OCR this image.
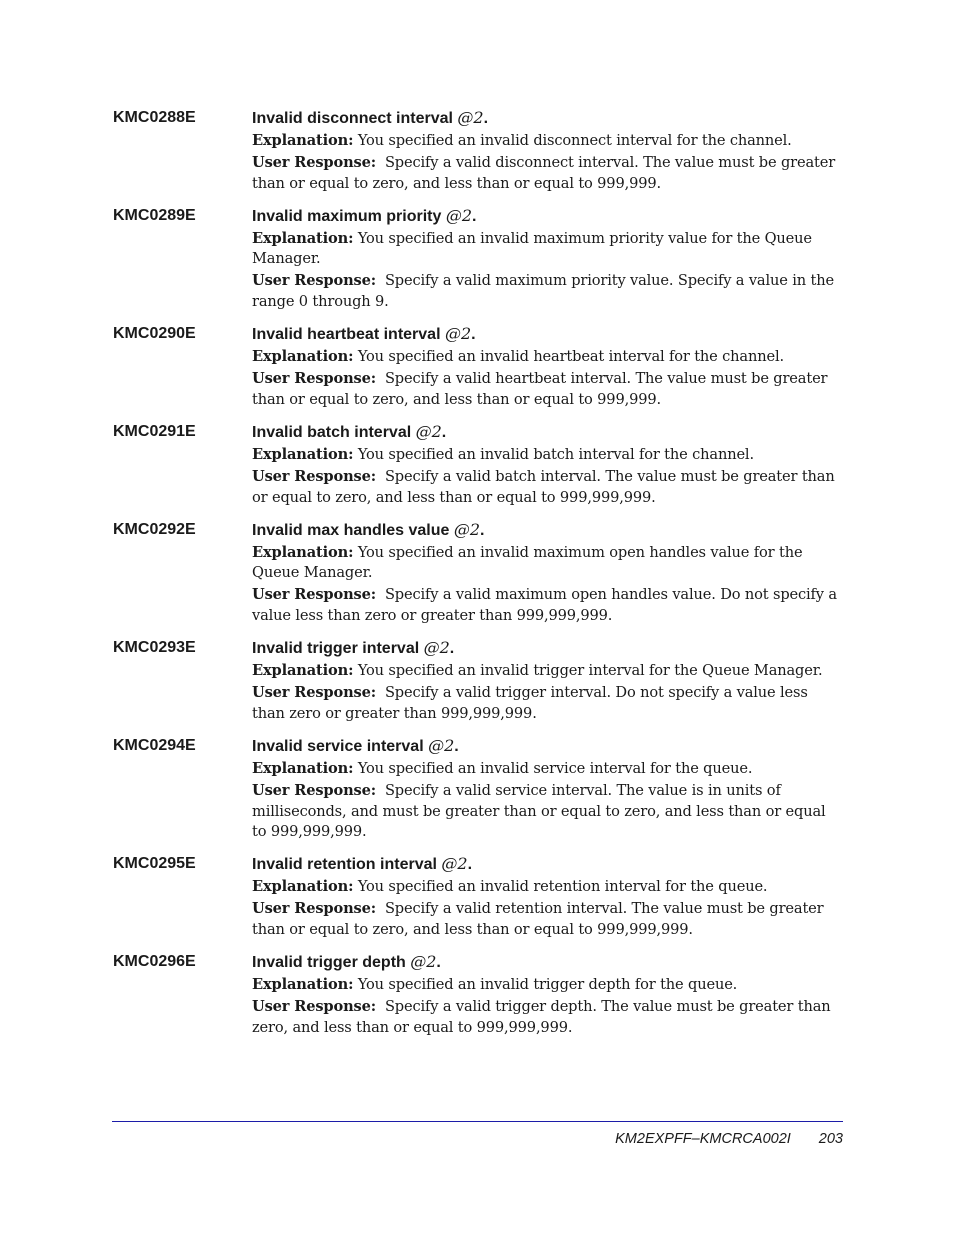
KMC0288E	Invalid disconnect interval @2.

Explanation: You specified an invalid disconnect interval for the channel.

User Response: Specify a valid disconnect interval. The value must be greater than or equal to zero, and less than or equal to 999,999.

KMC0289E	Invalid maximum priority @2.

Explanation: You specified an invalid maximum priority value for the Queue Manager.

User Response: Specify a valid maximum priority value. Specify a value in the range 0 through 9.

KMC0290E	Invalid heartbeat interval @2.

Explanation: You specified an invalid heartbeat interval for the channel.

User Response: Specify a valid heartbeat interval. The value must be greater than or equal to zero, and less than or equal to 999,999.

KMC0291E	Invalid batch interval @2.

Explanation: You specified an invalid batch interval for the channel.

User Response: Specify a valid batch interval. The value must be greater than or equal to zero, and less than or equal to 999,999,999.

KMC0292E	Invalid max handles value @2.

Explanation: You specified an invalid maximum open handles value for the Queue Manager.

User Response: Specify a valid maximum open handles value. Do not specify a value less than zero or greater than 999,999,999.

KMC0293E	Invalid trigger interval @2.

Explanation: You specified an invalid trigger interval for the Queue Manager.

User Response: Specify a valid trigger interval. Do not specify a value less than zero or greater than 999,999,999.

KMC0294E	Invalid service interval @2.

Explanation: You specified an invalid service interval for the queue.

User Response: Specify a valid service interval. The value is in units of milliseconds, and must be greater than or equal to zero, and less than or equal to 999,999,999.

KMC0295E	Invalid retention interval @2.

Explanation: You specified an invalid retention interval for the queue.

User Response: Specify a valid retention interval. The value must be greater than or equal to zero, and less than or equal to 999,999,999.

KMC0296E	Invalid trigger depth @2.

Explanation: You specified an invalid trigger depth for the queue.

User Response: Specify a valid trigger depth. The value must be greater than zero, and less than or equal to 999,999,999.

KM2EXPFF–KMCRCA002I 203
